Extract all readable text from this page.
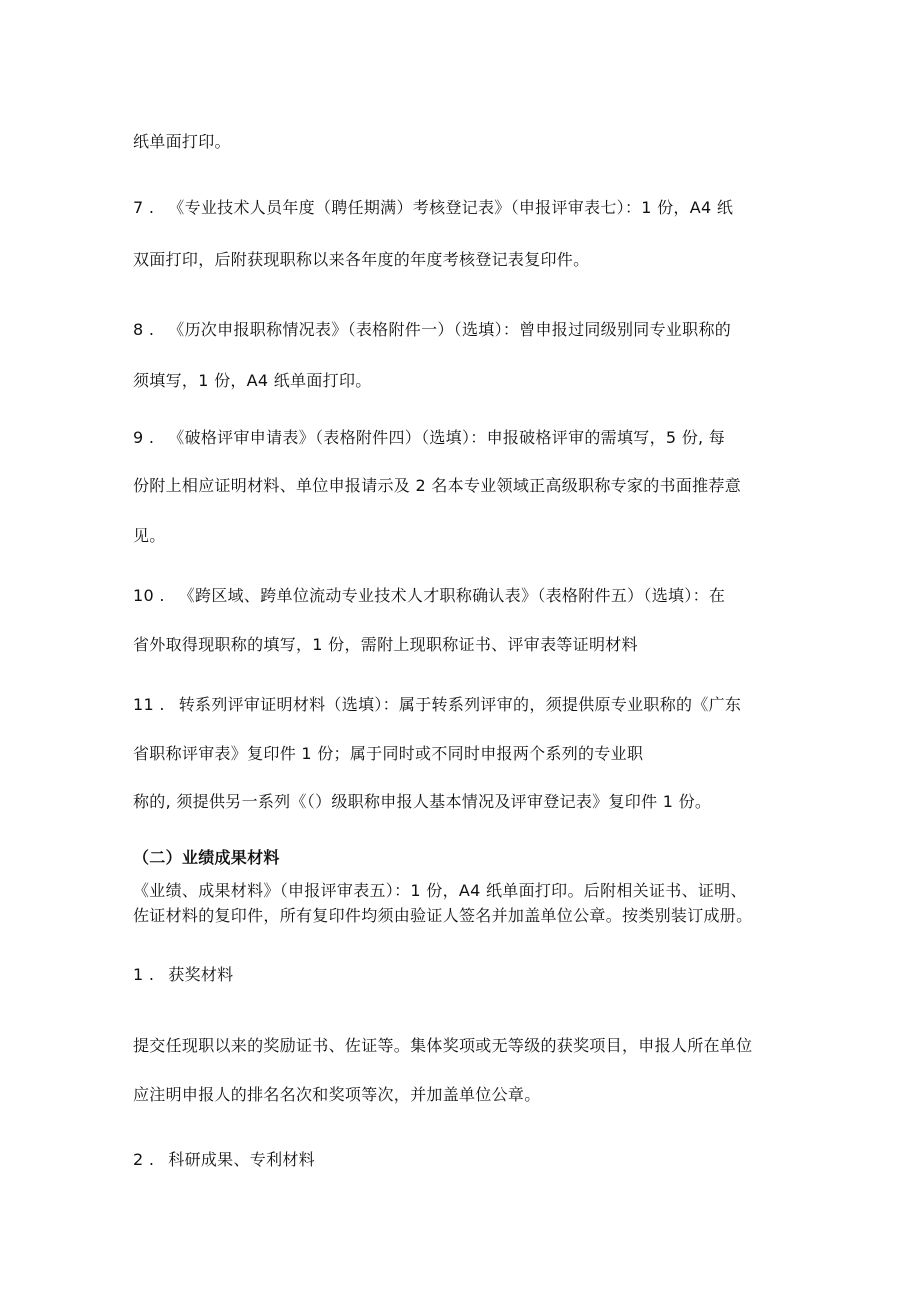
纸单面打印。
7 . 《专业技术人员年度（聘任期满）考核登记表》（申报评审表七）：1 份，A4 纸
双面打印，后附获现职称以来各年度的年度考核登记表复印件。
8 . 《历次申报职称情况表》（表格附件一）（选填）：曾申报过同级别同专业职称的
须填写，1 份，A4 纸单面打印。
9 . 《破格评审申请表》（表格附件四）（选填）：申报破格评审的需填写，5 份, 每
份附上相应证明材料、单位申报请示及 2 名本专业领域正高级职称专家的书面推荐意
见。
10 . 《跨区域、跨单位流动专业技术人才职称确认表》（表格附件五）（选填）：在
省外取得现职称的填写，1 份，需附上现职称证书、评审表等证明材料
11 . 转系列评审证明材料（选填）：属于转系列评审的，须提供原专业职称的《广东
省职称评审表》复印件 1 份；属于同时或不同时申报两个系列的专业职
称的, 须提供另一系列《（）级职称申报人基本情况及评审登记表》复印件 1 份。
（二）业绩成果材料
《业绩、成果材料》（申报评审表五）：1 份，A4 纸单面打印。后附相关证书、证明、
佐证材料的复印件，所有复印件均须由验证人签名并加盖单位公章。按类别装订成册。
1 . 获奖材料
提交任现职以来的奖励证书、佐证等。集体奖项或无等级的获奖项目，申报人所在单位
应注明申报人的排名名次和奖项等次，并加盖单位公章。
2 . 科研成果、专利材料
